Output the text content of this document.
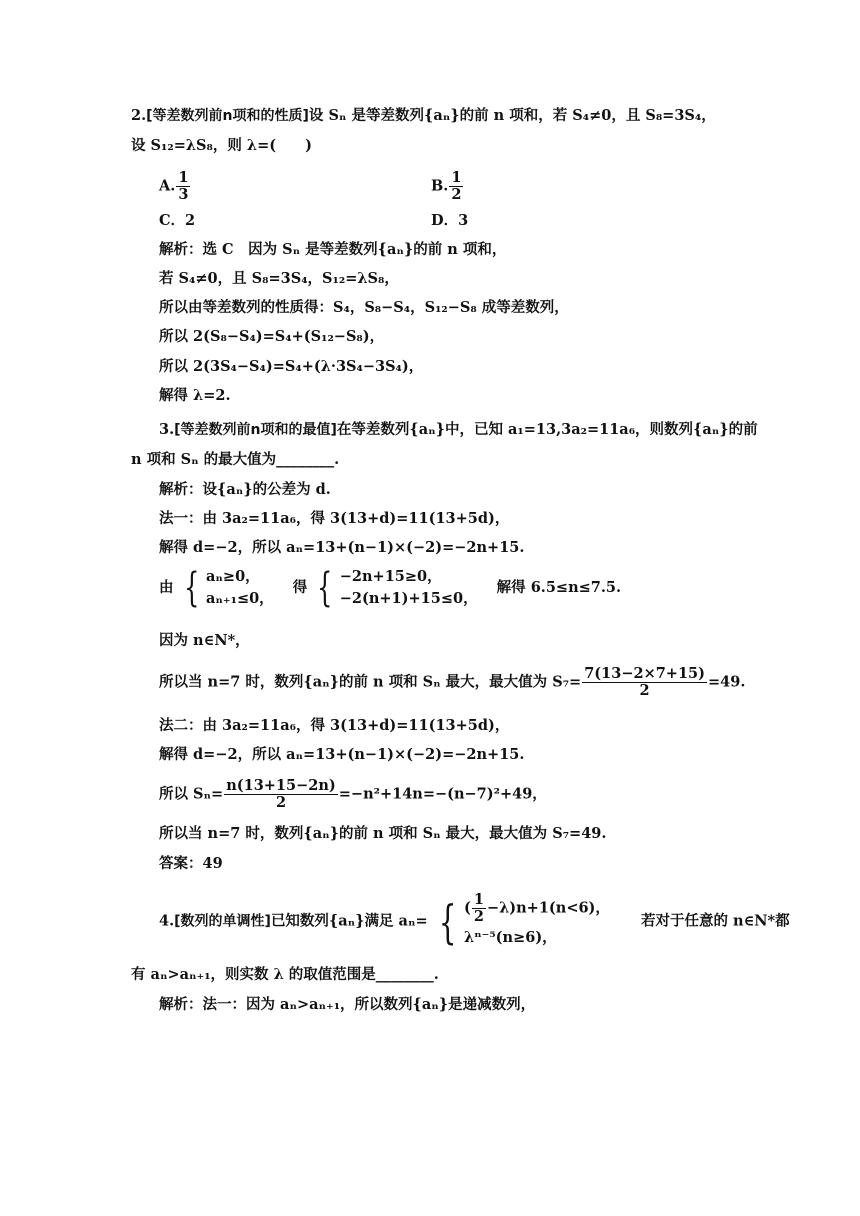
2.[等差数列前n项和的性质]设 Sₙ 是等差数列{aₙ}的前 n 项和，若 S₄≠0，且 S₈=3S₄，
设 S₁₂=λS₈，则 λ=(　　)
A. $\frac{1}{3}$	B. $\frac{1}{2}$
C．2	D．3
解析：选 C　因为 Sₙ 是等差数列{aₙ}的前 n 项和，
若 S₄≠0，且 S₈=3S₄，S₁₂=λS₈，
所以由等差数列的性质得：S₄，S₈−S₄，S₁₂−S₈ 成等差数列，
所以 2(S₈−S₄)=S₄+(S₁₂−S₈)，
所以 2(3S₄−S₄)=S₄+(λ·3S₄−3S₄)，
解得 λ=2.
3.[等差数列前n项和的最值]在等差数列{aₙ}中，已知 a₁=13,3a₂=11a₆，则数列{aₙ}的前
n 项和 Sₙ 的最大值为________.
解析：设{aₙ}的公差为 d.
法一：由 3a₂=11a₆，得 3(13+d)=11(13+5d)，
解得 d=−2，所以 aₙ=13+(n−1)×(−2)=−2n+15.
由 { aₙ≥0，
aₙ₊₁≤0，
得 { −2n+15≥0，
−2(n+1)+15≤0，
解得 6.5≤n≤7.5.
因为 n∈N*，
所以当 n=7 时，数列{aₙ}的前 n 项和 Sₙ 最大，最大值为 $S_7= \frac{7(13-2\times 7+15)}{2} =49$.
法二：由 3a₂=11a₆，得 3(13+d)=11(13+5d)，
解得 d=−2，所以 aₙ=13+(n−1)×(−2)=−2n+15.
所以 $S_n= \frac{n(13+15-2n)}{2} =-n^2+14n=-(n-7)^2+49$，
所以当 n=7 时，数列{aₙ}的前 n 项和 Sₙ 最大，最大值为 S₇=49.
答案：49
4.[数列的单调性]已知数列{aₙ}满足 aₙ= { ( $\frac{1}{2} -\lambda)n+1(n<6)$，
λⁿ⁻⁵(n≥6)，
若对于任意的 n∈N*都
有 aₙ>aₙ₊₁，则实数 λ 的取值范围是________.
解析：法一：因为 aₙ>aₙ₊₁，所以数列{aₙ}是递减数列，
